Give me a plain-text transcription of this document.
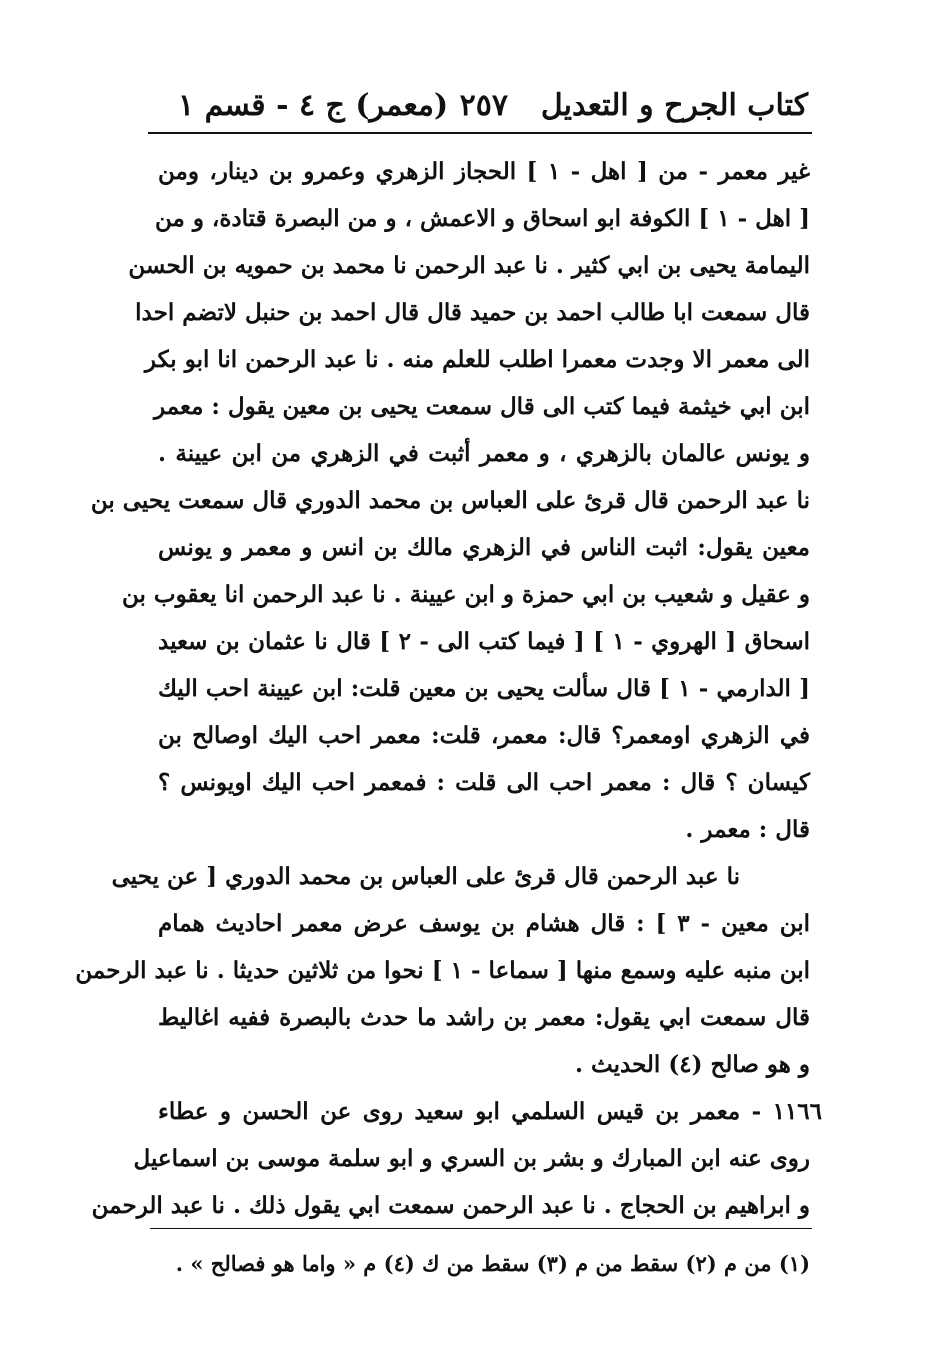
كتاب الجرح و التعديل
٢٥٧
(معمر) ج ٤ - قسم ١
غير معمر - من [ اهل - ١ ] الحجاز الزهري وعمرو بن دينار، ومن
[ اهل - ١ ] الكوفة ابو اسحاق و الاعمش ، و من البصرة قتادة، و من
اليمامة يحيى بن ابي كثير . نا عبد الرحمن نا محمد بن حمويه بن الحسن
قال سمعت ابا طالب احمد بن حميد قال قال احمد بن حنبل لاتضم احدا
الى معمر الا وجدت معمرا اطلب للعلم منه . نا عبد الرحمن انا ابو بكر
ابن ابي خيثمة فيما كتب الى قال سمعت يحيى بن معين يقول : معمر
و يونس عالمان بالزهري ، و معمر أثبت في الزهري من ابن عيينة .
نا عبد الرحمن قال قرئ على العباس بن محمد الدوري قال سمعت يحيى بن
معين يقول: اثبت الناس في الزهري مالك بن انس و معمر و يونس
و عقيل و شعيب بن ابي حمزة و ابن عيينة . نا عبد الرحمن انا يعقوب بن
اسحاق [ الهروي - ١ ] [ فيما كتب الى - ٢ ] قال نا عثمان بن سعيد
[ الدارمي - ١ ] قال سألت يحيى بن معين قلت: ابن عيينة احب اليك
في الزهري اومعمر؟ قال: معمر، قلت: معمر احب اليك اوصالح بن
كيسان ؟ قال : معمر احب الى قلت : فمعمر احب اليك اويونس ؟
قال : معمر .
نا عبد الرحمن قال قرئ على العباس بن محمد الدوري [ عن يحيى
ابن معين - ٣ ] : قال هشام بن يوسف عرض معمر احاديث همام
ابن منبه عليه وسمع منها [ سماعا - ١ ] نحوا من ثلاثين حديثا . نا عبد الرحمن
قال سمعت ابي يقول: معمر بن راشد ما حدث بالبصرة ففيه اغاليط
و هو صالح (٤) الحديث .
١١٦٦ - معمر بن قيس السلمي ابو سعيد روى عن الحسن و عطاء
روى عنه ابن المبارك و بشر بن السري و ابو سلمة موسى بن اسماعيل
و ابراهيم بن الحجاج . نا عبد الرحمن سمعت ابي يقول ذلك . نا عبد الرحمن
(١) من م (٢) سقط من م (٣) سقط من ك (٤) م « واما هو فصالح » .
